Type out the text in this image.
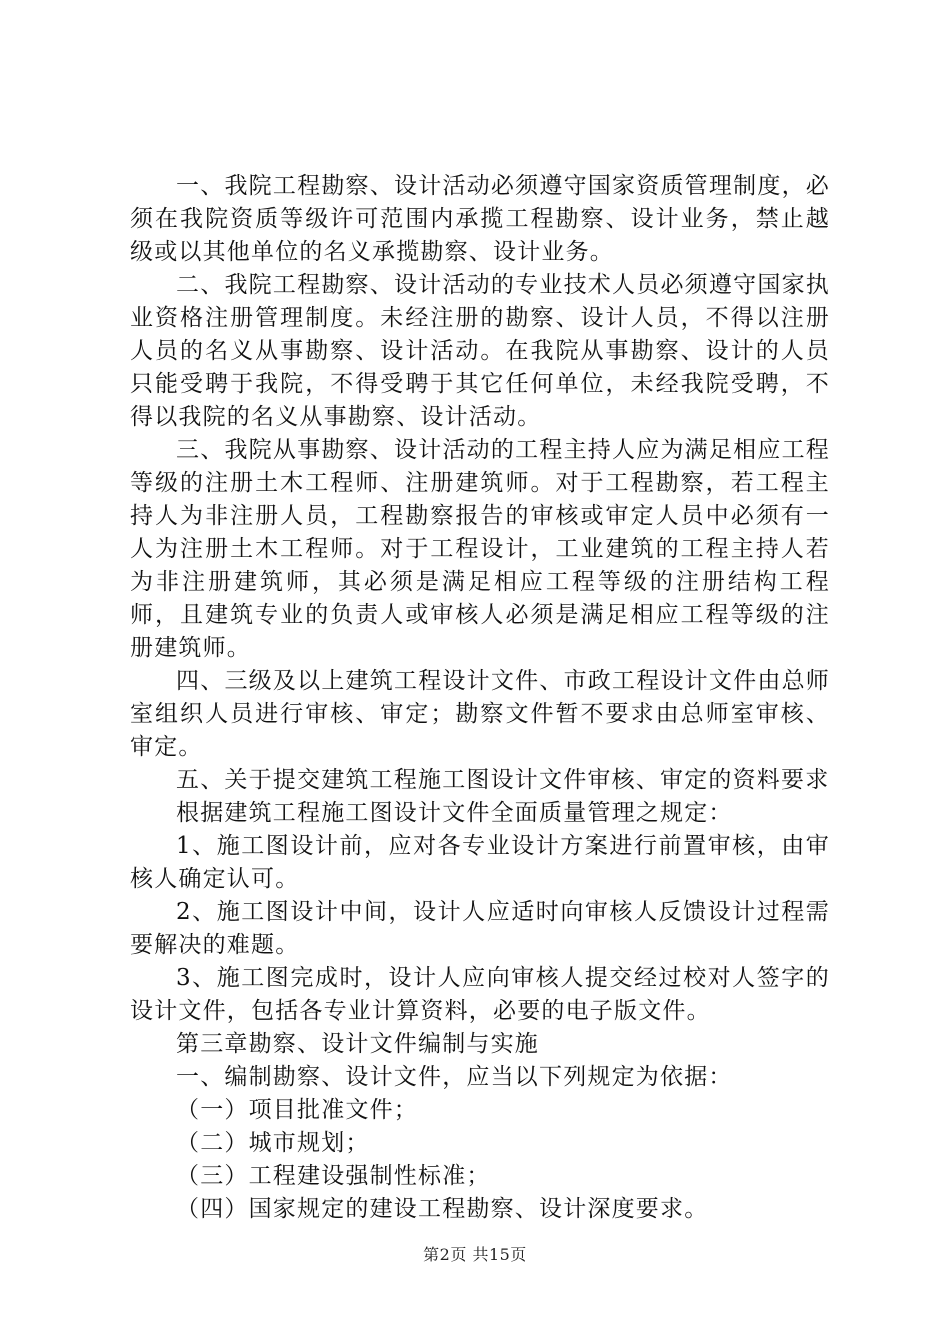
一、我院工程勘察、设计活动必须遵守国家资质管理制度，必须在我院资质等级许可范围内承揽工程勘察、设计业务，禁止越级或以其他单位的名义承揽勘察、设计业务。

二、我院工程勘察、设计活动的专业技术人员必须遵守国家执业资格注册管理制度。未经注册的勘察、设计人员，不得以注册人员的名义从事勘察、设计活动。在我院从事勘察、设计的人员只能受聘于我院，不得受聘于其它任何单位，未经我院受聘，不得以我院的名义从事勘察、设计活动。

三、我院从事勘察、设计活动的工程主持人应为满足相应工程等级的注册土木工程师、注册建筑师。对于工程勘察，若工程主持人为非注册人员，工程勘察报告的审核或审定人员中必须有一人为注册土木工程师。对于工程设计，工业建筑的工程主持人若为非注册建筑师，其必须是满足相应工程等级的注册结构工程师，且建筑专业的负责人或审核人必须是满足相应工程等级的注册建筑师。

四、三级及以上建筑工程设计文件、市政工程设计文件由总师室组织人员进行审核、审定；勘察文件暂不要求由总师室审核、审定。

五、关于提交建筑工程施工图设计文件审核、审定的资料要求

根据建筑工程施工图设计文件全面质量管理之规定：

1、施工图设计前，应对各专业设计方案进行前置审核，由审核人确定认可。

2、施工图设计中间，设计人应适时向审核人反馈设计过程需要解决的难题。

3、施工图完成时，设计人应向审核人提交经过校对人签字的设计文件，包括各专业计算资料，必要的电子版文件。

第三章勘察、设计文件编制与实施

一、编制勘察、设计文件，应当以下列规定为依据：

（一）项目批准文件；

（二）城市规划；

（三）工程建设强制性标准；

（四）国家规定的建设工程勘察、设计深度要求。

第2页 共15页
